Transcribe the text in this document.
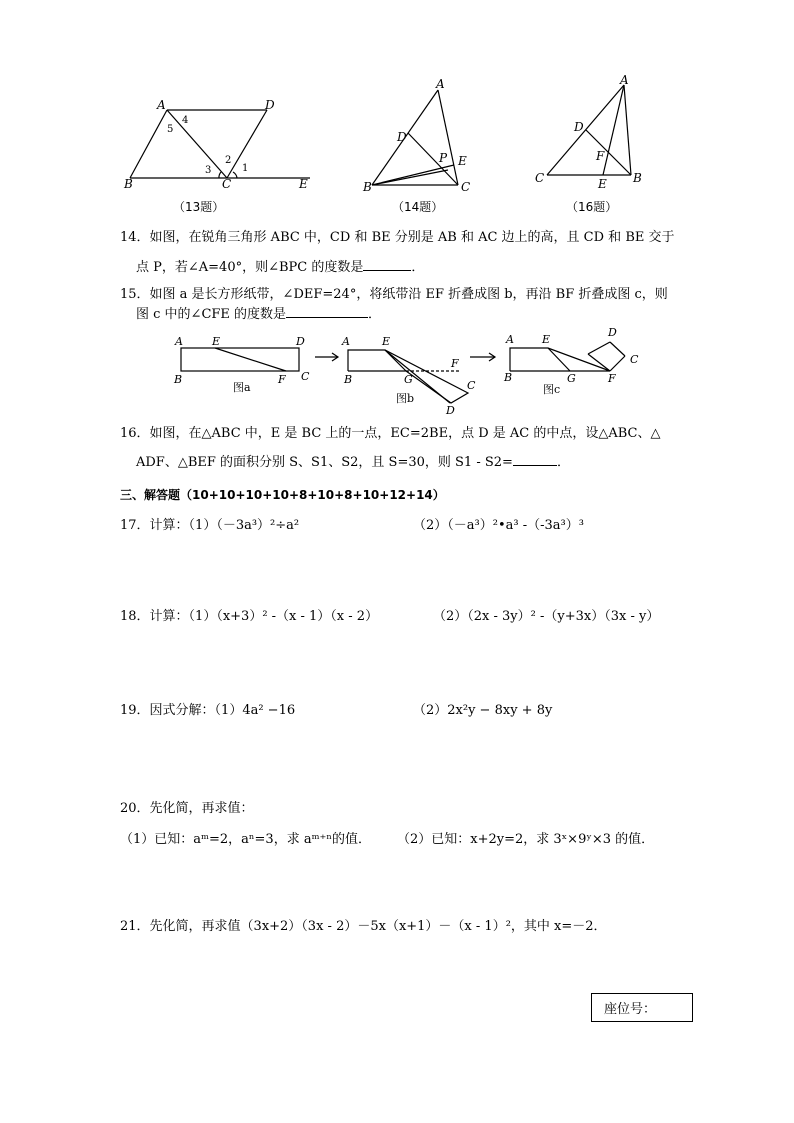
A	D
B	C	E
5
4
3
2
1
（13题）
A
D
P E
B	C
（14题）
A
D
F
C	E B
（16题）
14．如图，在锐角三角形 ABC 中，CD 和 BE 分别是 AB 和 AC 边上的高，且 CD 和 BE 交于
点 P，若∠A=40°，则∠BPC 的度数是	．
15．如图 a 是长方形纸带，∠DEF=24°，将纸带沿 EF 折叠成图 b，再沿 BF 折叠成图 c，则
图 c 中的∠CFE 的度数是	．
A	E	D
B	F C
图a
A	E
F
B	G	C
D
图b
A	E
D
C
B	G	F
图c
16．如图，在△ABC 中，E 是 BC 上的一点，EC=2BE，点 D 是 AC 的中点，设△ABC、△
ADF、△BEF 的面积分别 S、S1、S2，且 S=30，则 S1 - S2=	．
三、解答题（10+10+10+10+8+10+8+10+12+14）
17．计算：（1）（－3a³）²÷a²	（2）（－a³）²•a³ -（-3a³）³
18．计算：（1）（x+3）² -（x - 1）（x - 2）	（2）（2x - 3y）² -（y+3x）（3x - y）
19．因式分解：（1）4a² −16	（2）2x²y − 8xy + 8y
20．先化简，再求值：
（1）已知：aᵐ=2，aⁿ=3，求 aᵐ⁺ⁿ的值． （2）已知：x+2y=2，求 3ˣ×9ʸ×3 的值．
21．先化简，再求值（3x+2）（3x - 2）－5x（x+1）－（x - 1）²，其中 x=－2．
座位号：
